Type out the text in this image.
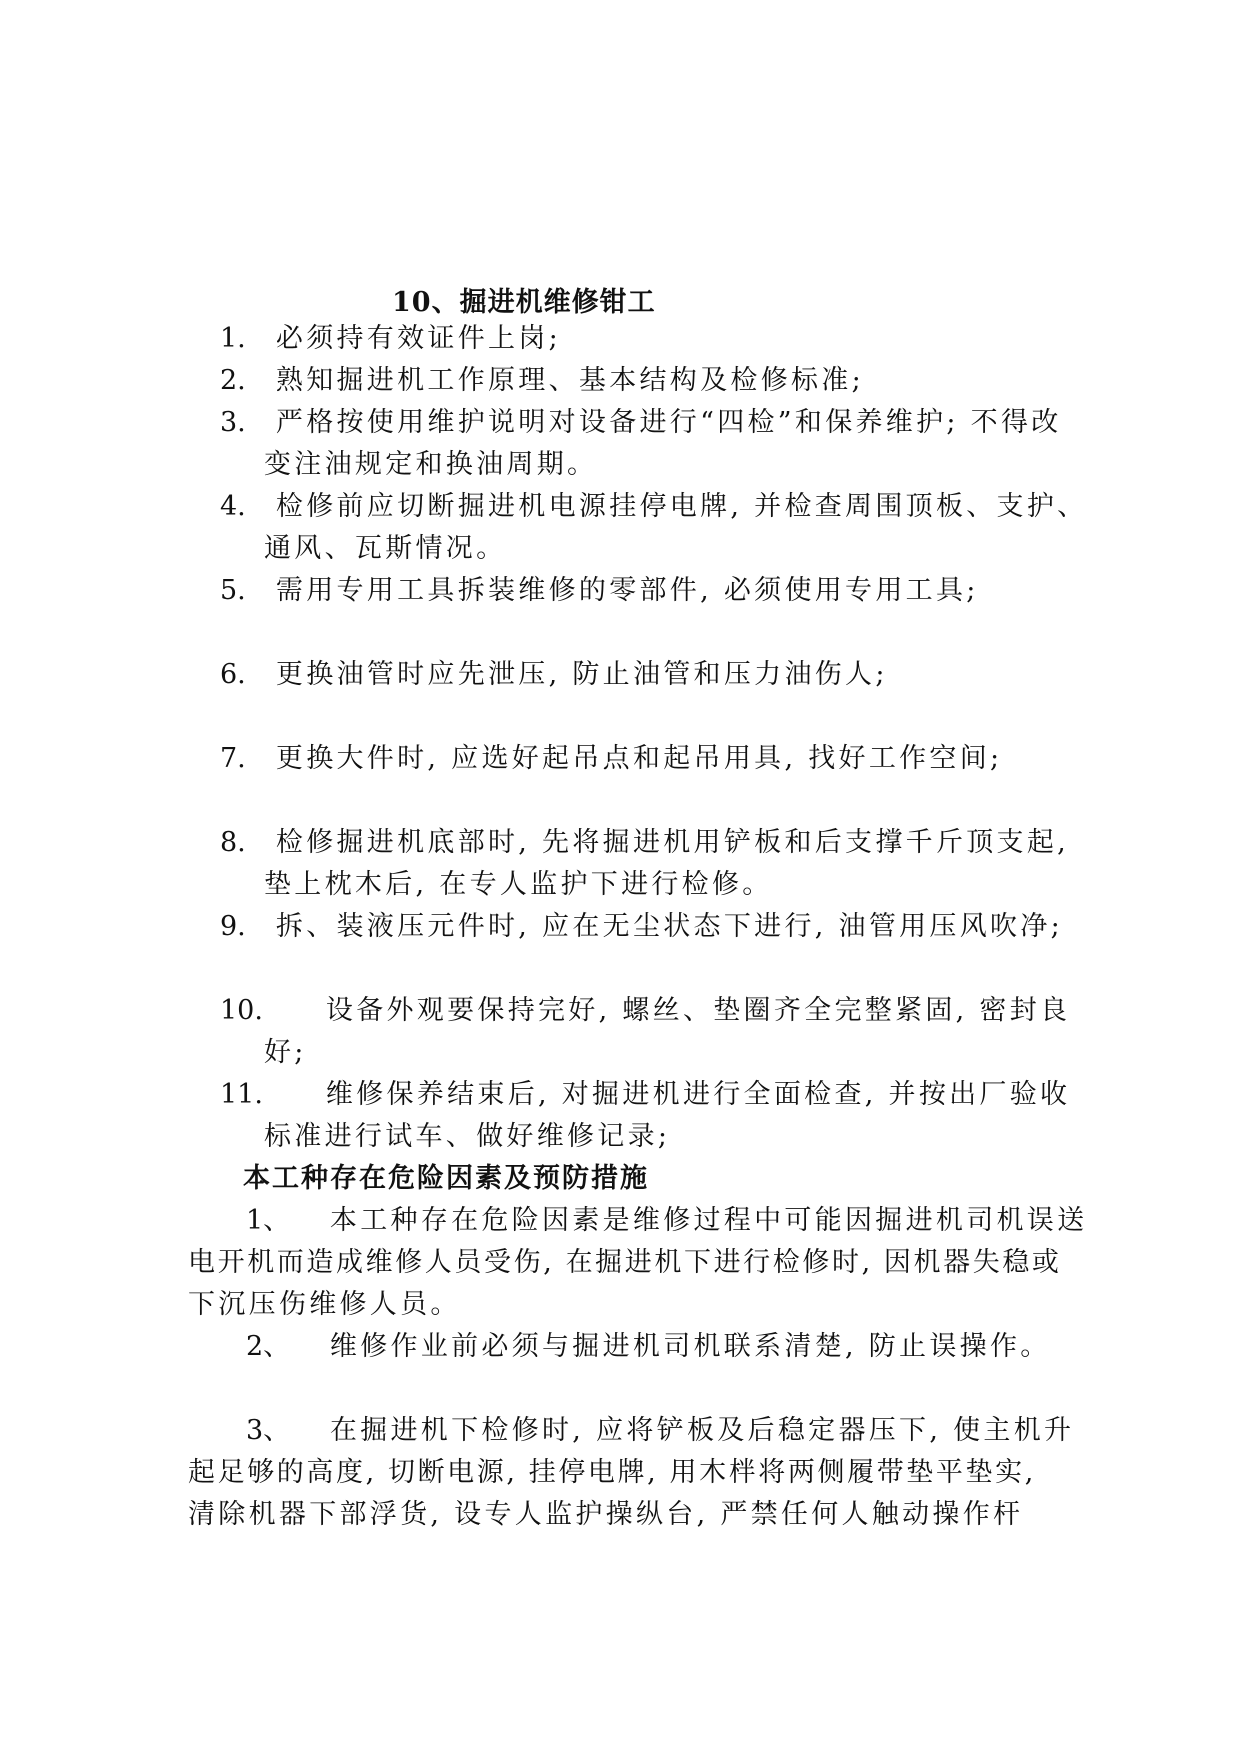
10、掘进机维修钳工
1. 必须持有效证件上岗;
2. 熟知掘进机工作原理、基本结构及检修标准;
3. 严格按使用维护说明对设备进行“四检”和保养维护; 不得改
变注油规定和换油周期。
4. 检修前应切断掘进机电源挂停电牌, 并检查周围顶板、支护、
通风、瓦斯情况。
5. 需用专用工具拆装维修的零部件, 必须使用专用工具;
6. 更换油管时应先泄压, 防止油管和压力油伤人;
7. 更换大件时, 应选好起吊点和起吊用具, 找好工作空间;
8. 检修掘进机底部时, 先将掘进机用铲板和后支撑千斤顶支起,
垫上枕木后, 在专人监护下进行检修。
9. 拆、装液压元件时, 应在无尘状态下进行, 油管用压风吹净;
10. 设备外观要保持完好, 螺丝、垫圈齐全完整紧固, 密封良
好;
11. 维修保养结束后, 对掘进机进行全面检查, 并按出厂验收
标准进行试车、做好维修记录;
本工种存在危险因素及预防措施
1、 本工种存在危险因素是维修过程中可能因掘进机司机误送
电开机而造成维修人员受伤, 在掘进机下进行检修时, 因机器失稳或
下沉压伤维修人员。
2、 维修作业前必须与掘进机司机联系清楚, 防止误操作。
3、 在掘进机下检修时, 应将铲板及后稳定器压下, 使主机升
起足够的高度, 切断电源, 挂停电牌, 用木柈将两侧履带垫平垫实,
清除机器下部浮货, 设专人监护操纵台, 严禁任何人触动操作杆
